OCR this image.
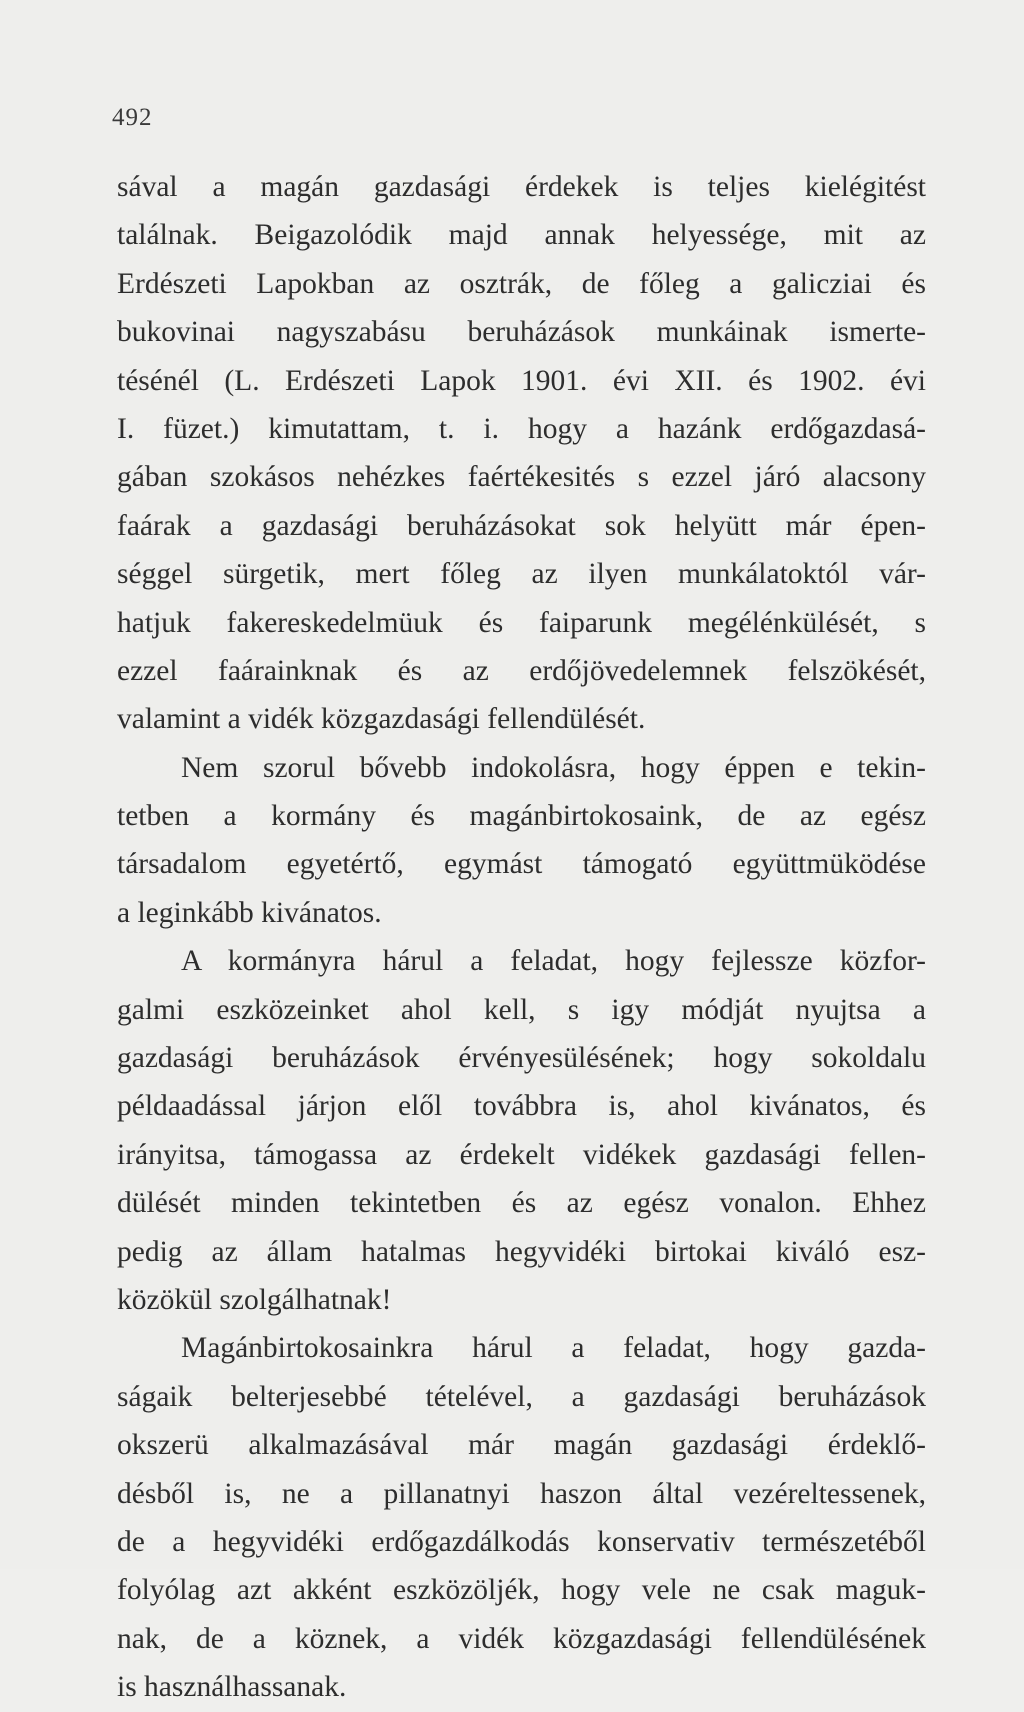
492
sával a magán gazdasági érdekek is teljes kielégitést
találnak. Beigazolódik majd annak helyessége, mit az
Erdészeti Lapokban az osztrák, de főleg a galicziai és
bukovinai nagyszabásu beruházások munkáinak ismerte-
tésénél (L. Erdészeti Lapok 1901. évi XII. és 1902. évi
I. füzet.) kimutattam, t. i. hogy a hazánk erdőgazdasá-
gában szokásos nehézkes faértékesités s ezzel járó alacsony
faárak a gazdasági beruházásokat sok helyütt már épen-
séggel sürgetik, mert főleg az ilyen munkálatoktól vár-
hatjuk fakereskedelmüuk és faiparunk megélénkülését, s
ezzel faárainknak és az erdőjövedelemnek felszökését,
valamint a vidék közgazdasági fellendülését.
Nem szorul bővebb indokolásra, hogy éppen e tekin-
tetben a kormány és magánbirtokosaink, de az egész
társadalom egyetértő, egymást támogató együttmüködése
a leginkább kivánatos.
A kormányra hárul a feladat, hogy fejlessze közfor-
galmi eszközeinket ahol kell, s igy módját nyujtsa a
gazdasági beruházások érvényesülésének; hogy sokoldalu
példaadással járjon elől továbbra is, ahol kivánatos, és
irányitsa, támogassa az érdekelt vidékek gazdasági fellen-
dülését minden tekintetben és az egész vonalon. Ehhez
pedig az állam hatalmas hegyvidéki birtokai kiváló esz-
közökül szolgálhatnak!
Magánbirtokosainkra hárul a feladat, hogy gazda-
ságaik belterjesebbé tételével, a gazdasági beruházások
okszerü alkalmazásával már magán gazdasági érdeklő-
désből is, ne a pillanatnyi haszon által vezéreltessenek,
de a hegyvidéki erdőgazdálkodás konservativ természetéből
folyólag azt akként eszközöljék, hogy vele ne csak maguk-
nak, de a köznek, a vidék közgazdasági fellendülésének
is használhassanak.
